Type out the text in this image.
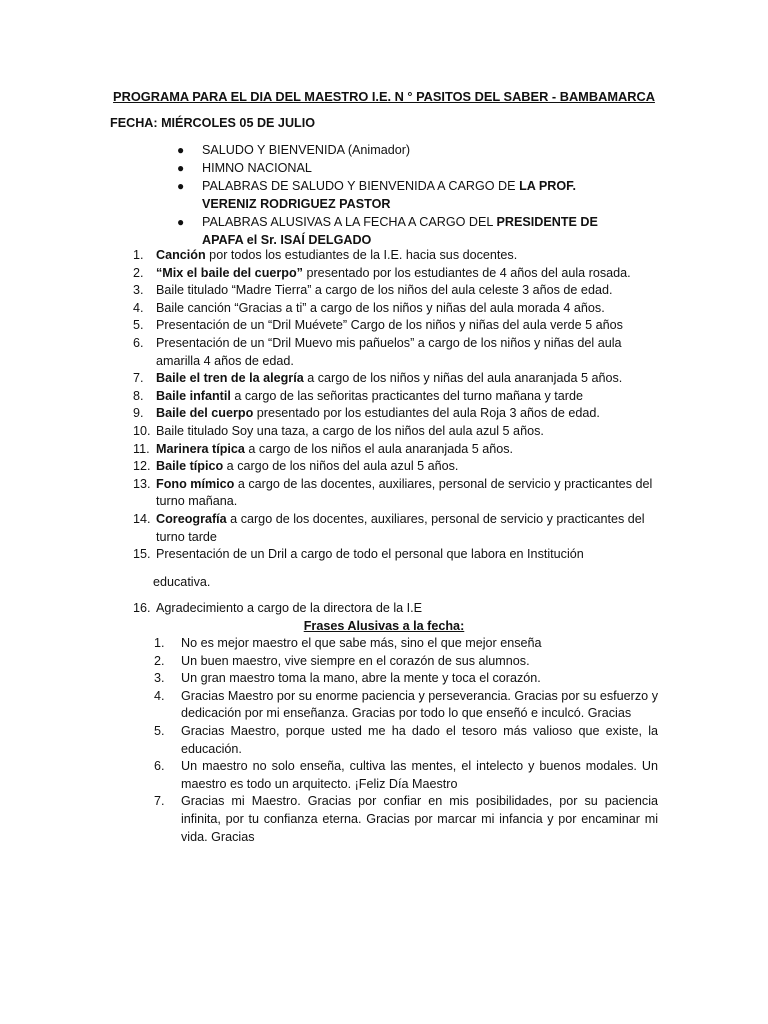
PROGRAMA PARA EL DIA DEL MAESTRO I.E. N ° PASITOS DEL SABER - BAMBAMARCA
FECHA: MIÉRCOLES 05 DE JULIO
● SALUDO Y BIENVENIDA (Animador)
● HIMNO NACIONAL
● PALABRAS DE SALUDO Y BIENVENIDA A CARGO DE LA PROF. VERENIZ RODRIGUEZ PASTOR
● PALABRAS ALUSIVAS A LA FECHA A CARGO DEL PRESIDENTE DE APAFA el Sr. ISAÍ DELGADO
1. Canción por todos los estudiantes de la I.E. hacia sus docentes.
2. “Mix el baile del cuerpo” presentado por los estudiantes de 4 años del aula rosada.
3. Baile titulado “Madre Tierra” a cargo de los niños del aula celeste 3 años de edad.
4. Baile canción “Gracias a ti” a cargo de los niños y niñas del aula morada 4 años.
5. Presentación de un “Dril Muévete” Cargo de los niños y niñas del aula verde 5 años
6. Presentación de un “Dril Muevo mis pañuelos” a cargo de los niños y niñas del aula amarilla 4 años de edad.
7. Baile el tren de la alegría a cargo de los niños y niñas del aula anaranjada 5 años.
8. Baile infantil a cargo de las señoritas practicantes del turno mañana y tarde
9. Baile del cuerpo presentado por los estudiantes del aula Roja 3 años de edad.
10. Baile titulado Soy una taza, a cargo de los niños del aula azul 5 años.
11. Marinera típica a cargo de los niños el aula anaranjada 5 años.
12. Baile típico a cargo de los niños del aula azul 5 años.
13. Fono mímico a cargo de las docentes, auxiliares, personal de servicio y practicantes del turno mañana.
14. Coreografía a cargo de los docentes, auxiliares, personal de servicio y practicantes del turno tarde
15. Presentación de un Dril a cargo de todo el personal que labora en Institución
educativa.
16. Agradecimiento a cargo de la directora de la I.E
Frases Alusivas a la fecha:
1. No es mejor maestro el que sabe más, sino el que mejor enseña
2. Un buen maestro, vive siempre en el corazón de sus alumnos.
3. Un gran maestro toma la mano, abre la mente y toca el corazón.
4. Gracias Maestro por su enorme paciencia y perseverancia. Gracias por su esfuerzo y dedicación por mi enseñanza. Gracias por todo lo que enseñó e inculcó. Gracias
5. Gracias Maestro, porque usted me ha dado el tesoro más valioso que existe, la educación.
6. Un maestro no solo enseña, cultiva las mentes, el intelecto y buenos modales. Un maestro es todo un arquitecto. ¡Feliz Día Maestro
7. Gracias mi Maestro. Gracias por confiar en mis posibilidades, por su paciencia infinita, por tu confianza eterna. Gracias por marcar mi infancia y por encaminar mi vida. Gracias
